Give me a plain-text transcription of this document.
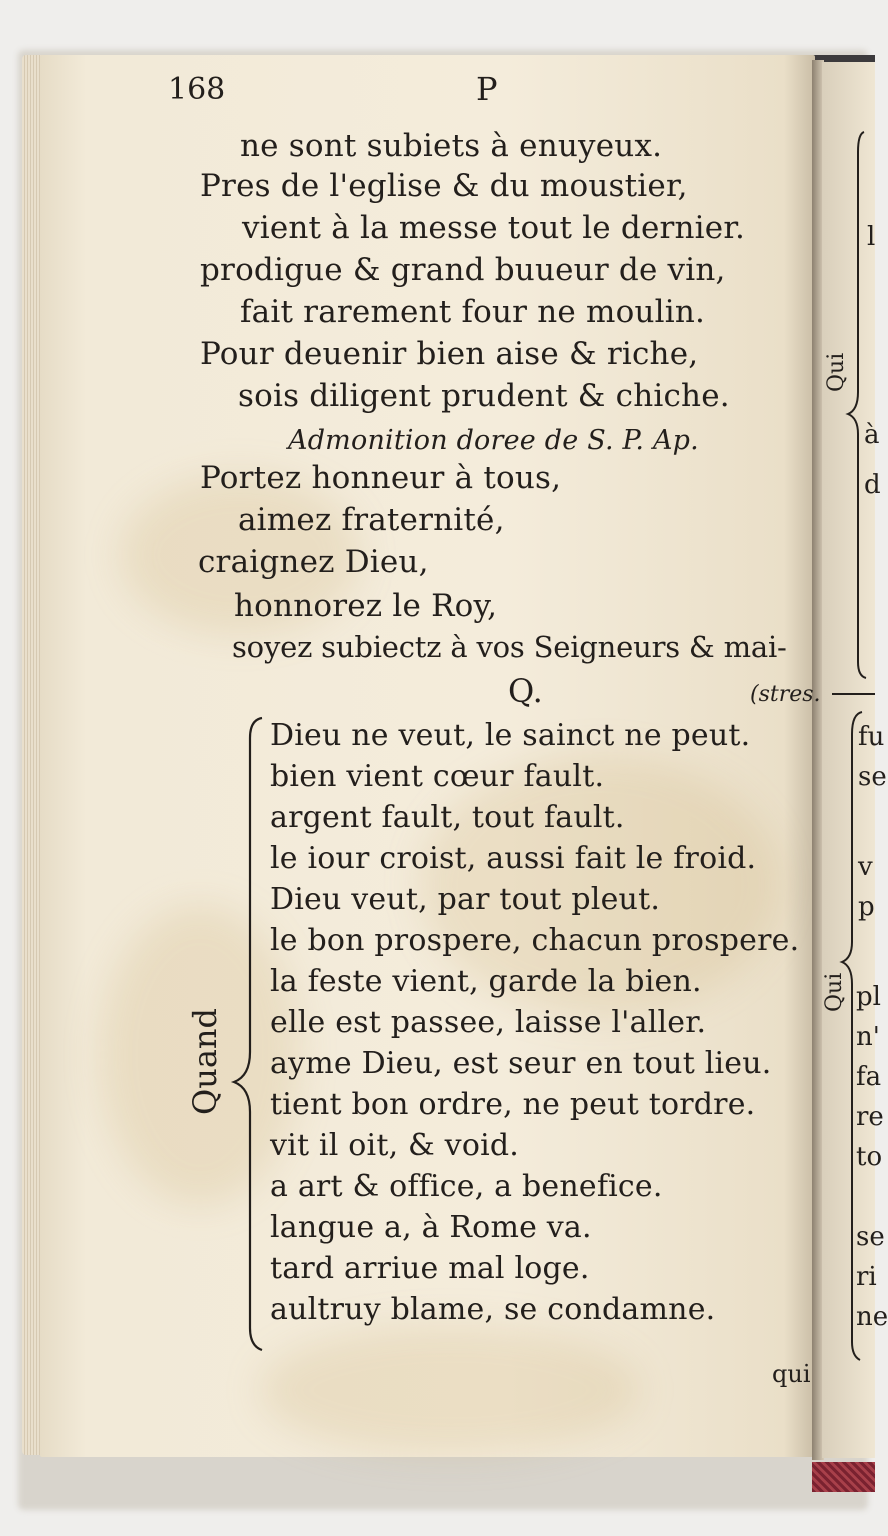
Qui
Qui
l
à
d
fu
se
v
p
pl
n'
fa
re
to
se
ri
ne
168	P
ne sont subiets à enuyeux.
Pres de l'eglise & du moustier,
vient à la messe tout le dernier.
prodigue & grand buueur de vin,
fait rarement four ne moulin.
Pour deuenir bien aise & riche,
sois diligent prudent & chiche.
Admonition doree de S. P. Ap.
Portez honneur à tous,
aimez fraternité,
craignez Dieu,
honnorez le Roy,
soyez subiectz à vos Seigneurs & mai-
(stres.
Q.
Quand
Dieu ne veut, le sainct ne peut.
bien vient cœur fault.
argent fault, tout fault.
le iour croist, aussi fait le froid.
Dieu veut, par tout pleut.
le bon prospere, chacun prospere.
la feste vient, garde la bien.
elle est passee, laisse l'aller.
ayme Dieu, est seur en tout lieu.
tient bon ordre, ne peut tordre.
vit il oit, & void.
a art & office, a benefice.
langue a, à Rome va.
tard arriue mal loge.
aultruy blame, se condamne.
qui
